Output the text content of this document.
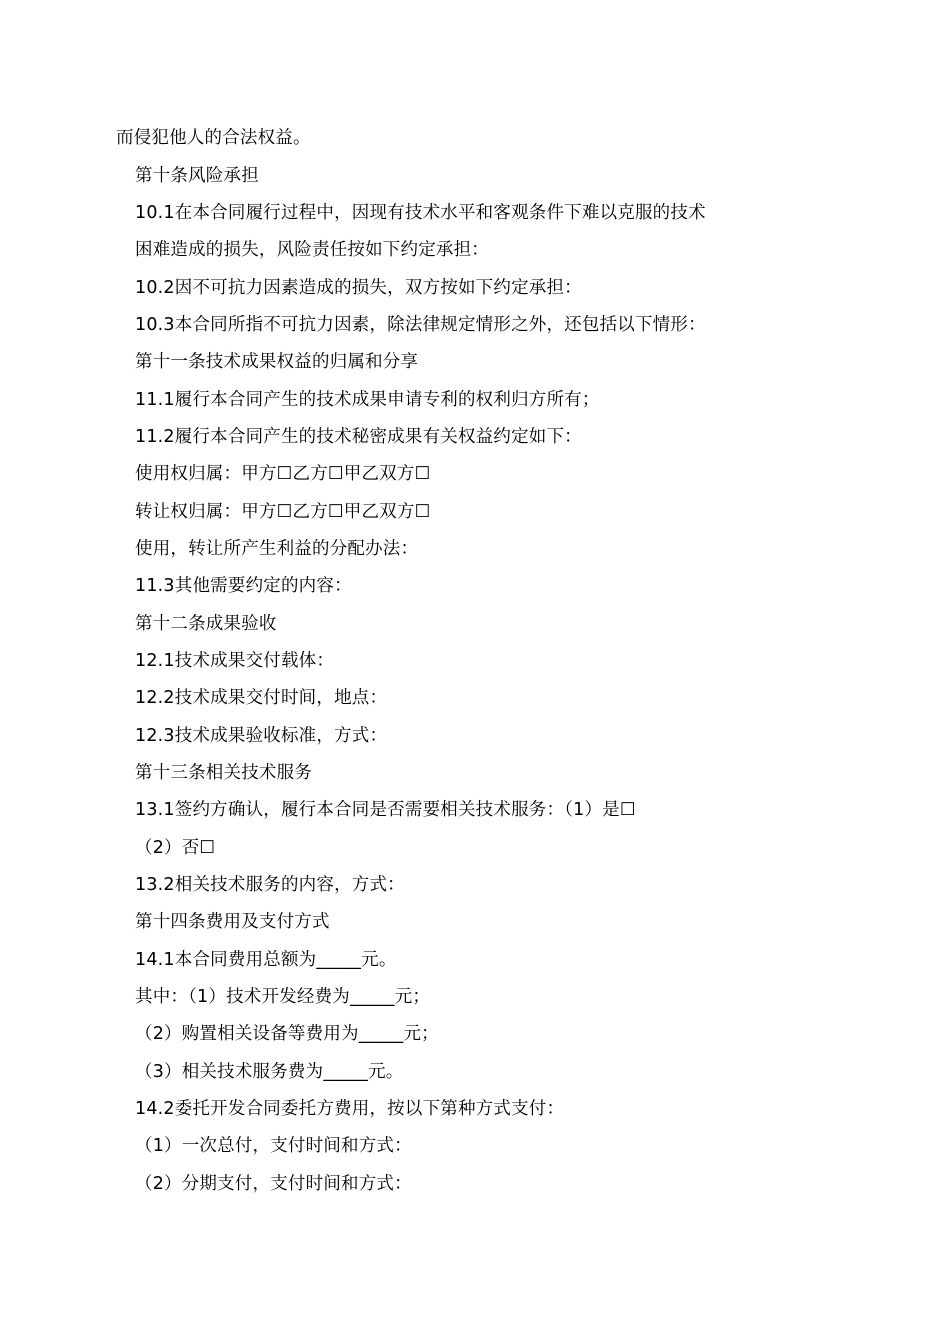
而侵犯他人的合法权益。
第十条风险承担
10.1在本合同履行过程中，因现有技术水平和客观条件下难以克服的技术
困难造成的损失，风险责任按如下约定承担：
10.2因不可抗力因素造成的损失，双方按如下约定承担：
10.3本合同所指不可抗力因素，除法律规定情形之外，还包括以下情形：
第十一条技术成果权益的归属和分享
11.1履行本合同产生的技术成果申请专利的权利归方所有；
11.2履行本合同产生的技术秘密成果有关权益约定如下：
使用权归属：甲方☐乙方☐甲乙双方☐
转让权归属：甲方☐乙方☐甲乙双方☐
使用，转让所产生利益的分配办法：
11.3其他需要约定的内容：
第十二条成果验收
12.1技术成果交付载体：
12.2技术成果交付时间，地点：
12.3技术成果验收标准，方式：
第十三条相关技术服务
13.1签约方确认，履行本合同是否需要相关技术服务：（1）是☐
（2）否☐
13.2相关技术服务的内容，方式：
第十四条费用及支付方式
14.1本合同费用总额为_____元。
其中：（1）技术开发经费为_____元；
（2）购置相关设备等费用为_____元；
（3）相关技术服务费为_____元。
14.2委托开发合同委托方费用，按以下第种方式支付：
（1）一次总付，支付时间和方式：
（2）分期支付，支付时间和方式：
